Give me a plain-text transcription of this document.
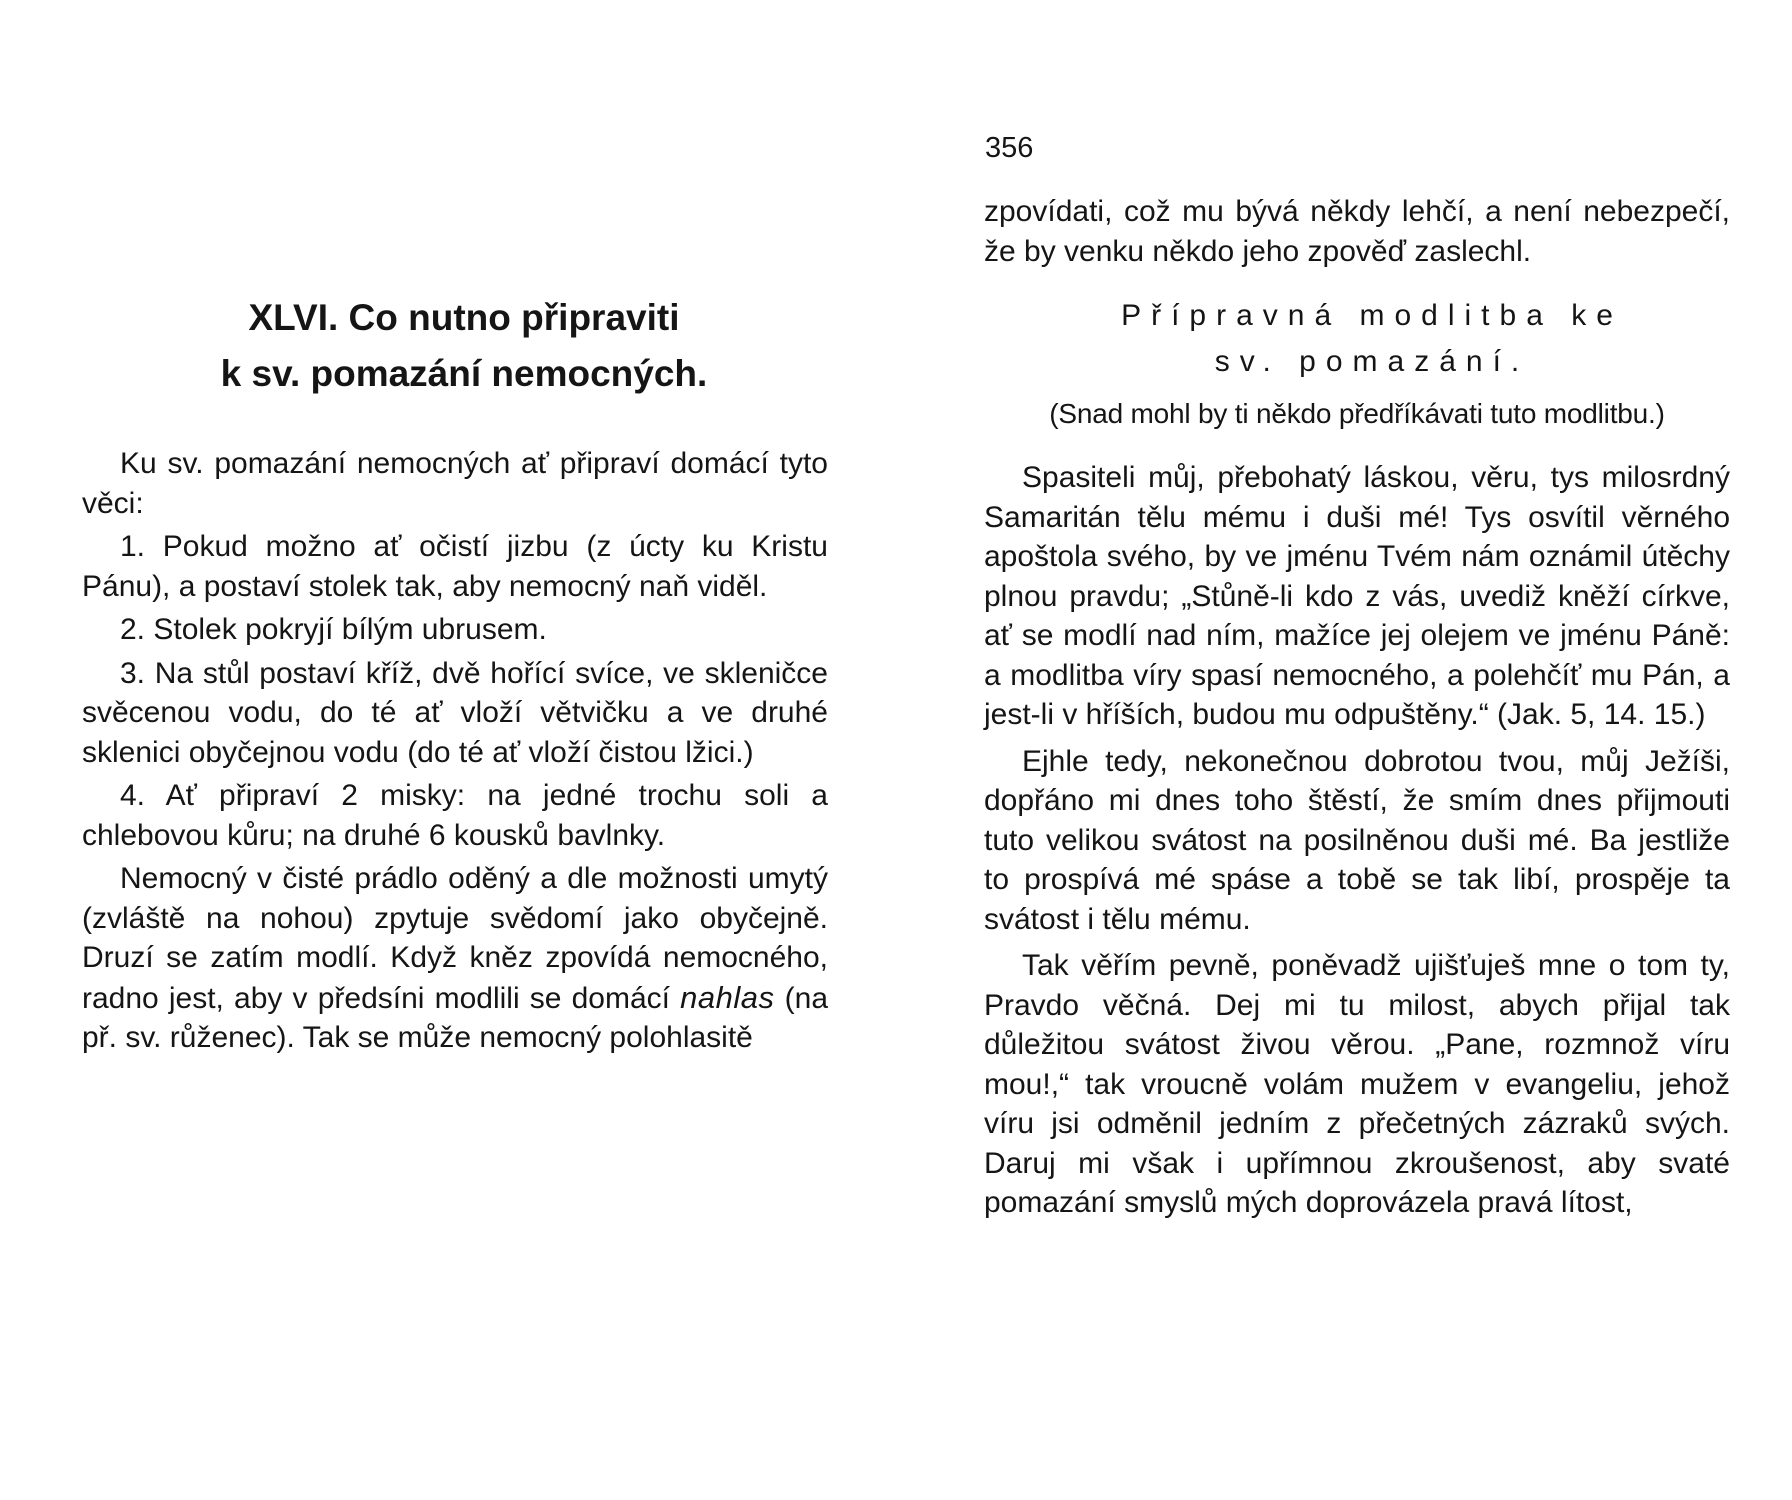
XLVI. Co nutno připraviti
k sv. pomazání nemocných.

Ku sv. pomazání nemocných ať připraví domácí tyto věci:

1. Pokud možno ať očistí jizbu (z úcty ku Kristu Pánu), a postaví stolek tak, aby nemocný naň viděl.

2. Stolek pokryjí bílým ubrusem.

3. Na stůl postaví kříž, dvě hořící svíce, ve skleničce svěcenou vodu, do té ať vloží větvičku a ve druhé sklenici obyčejnou vodu (do té ať vloží čistou lžici.)

4. Ať připraví 2 misky: na jedné trochu soli a chlebovou kůru; na druhé 6 kousků bavlnky.

Nemocný v čisté prádlo oděný a dle možnosti umytý (zvláště na nohou) zpytuje svědomí jako obyčejně. Druzí se zatím modlí. Když kněz zpovídá nemocného, radno jest, aby v předsíni modlili se domácí nahlas (na př. sv. růženec). Tak se může nemocný polohlasitě

356

zpovídati, což mu bývá někdy lehčí, a není nebezpečí, že by venku někdo jeho zpověď zaslechl.

Přípravná modlitba ke
sv. pomazání.
(Snad mohl by ti někdo předříkávati tuto modlitbu.)

Spasiteli můj, přebohatý láskou, věru, tys milosrdný Samaritán tělu mému i duši mé! Tys osvítil věrného apoštola svého, by ve jménu Tvém nám oznámil útěchy plnou pravdu; „Stůně-li kdo z vás, uvediž kněží církve, ať se modlí nad ním, mažíce jej olejem ve jménu Páně: a modlitba víry spasí nemocného, a polehčíť mu Pán, a jest-li v hříších, budou mu odpuštěny.“ (Jak. 5, 14. 15.)

Ejhle tedy, nekonečnou dobrotou tvou, můj Ježíši, dopřáno mi dnes toho štěstí, že smím dnes přijmouti tuto velikou svátost na posilněnou duši mé. Ba jestliže to prospívá mé spáse a tobě se tak libí, prospěje ta svátost i tělu mému.

Tak věřím pevně, poněvadž ujišťuješ mne o tom ty, Pravdo věčná. Dej mi tu milost, abych přijal tak důležitou svátost živou věrou. „Pane, rozmnož víru mou!,“ tak vroucně volám mužem v evangeliu, jehož víru jsi odměnil jedním z přečetných zázraků svých. Daruj mi však i upřímnou zkroušenost, aby svaté pomazání smyslů mých doprovázela pravá lítost,
